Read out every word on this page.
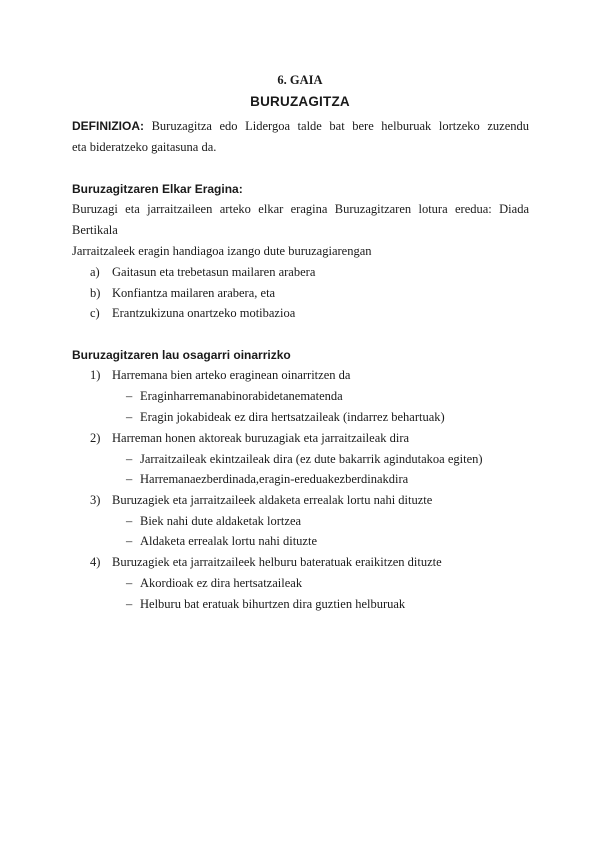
6. GAIA
BURUZAGITZA
DEFINIZIOA: Buruzagitza edo Lidergoa talde bat bere helburuak lortzeko zuzendu
eta bideratzeko gaitasuna da.
Buruzagitzaren Elkar Eragina:
Buruzagi eta jarraitzaileen arteko elkar eragina Buruzagitzaren lotura eredua: Diada
Bertikala
Jarraitzaleek eragin handiagoa izango dute buruzagiarengan
a) Gaitasun eta trebetasun mailaren arabera
b) Konfiantza mailaren arabera, eta
c) Erantzukizuna onartzeko motibazioa
Buruzagitzaren lau osagarri oinarrizko
1) Harremana bien arteko eraginean oinarritzen da
– Eraginharremanabinorabidetanematenda
– Eragin jokabideak ez dira hertsatzaileak (indarrez behartuak)
2) Harreman honen aktoreak buruzagiak eta jarraitzaileak dira
– Jarraitzaileak ekintzaileak dira (ez dute bakarrik agindutakoa egiten)
– Harremanaezberdinada,eragin-ereduakezberdinakdira
3) Buruzagiek eta jarraitzaileek aldaketa errealak lortu nahi dituzte
– Biek nahi dute aldaketak lortzea
– Aldaketa errealak lortu nahi dituzte
4) Buruzagiek eta jarraitzaileek helburu bateratuak eraikitzen dituzte
– Akordioak ez dira hertsatzaileak
– Helburu bat eratuak bihurtzen dira guztien helburuak
